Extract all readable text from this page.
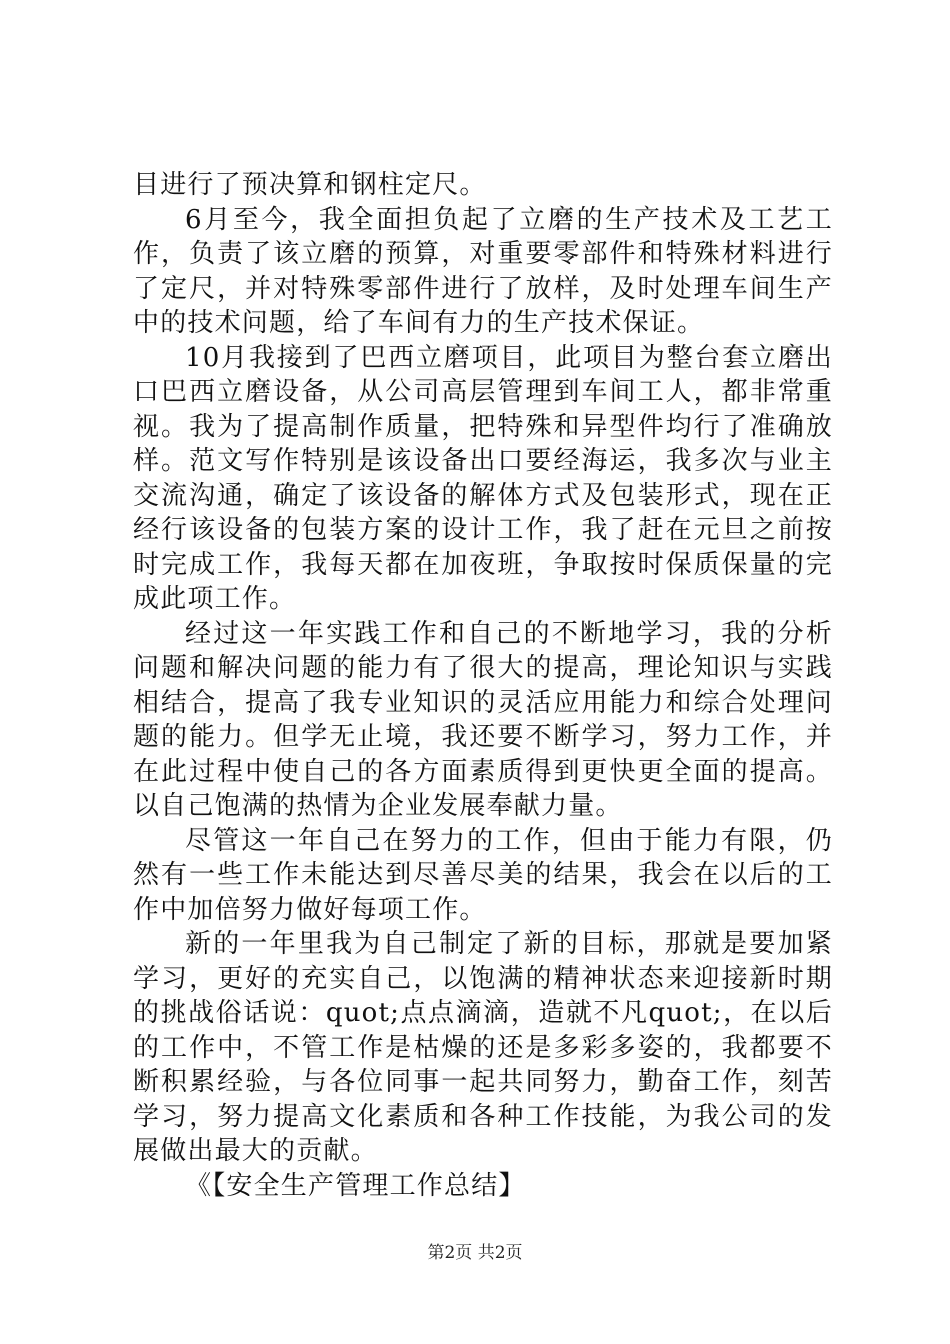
目进行了预决算和钢柱定尺。

6月至今，我全面担负起了立磨的生产技术及工艺工作，负责了该立磨的预算，对重要零部件和特殊材料进行了定尺，并对特殊零部件进行了放样，及时处理车间生产中的技术问题，给了车间有力的生产技术保证。

10月我接到了巴西立磨项目，此项目为整台套立磨出口巴西立磨设备，从公司高层管理到车间工人，都非常重视。我为了提高制作质量，把特殊和异型件均行了准确放样。范文写作特别是该设备出口要经海运，我多次与业主交流沟通，确定了该设备的解体方式及包装形式，现在正经行该设备的包装方案的设计工作，我了赶在元旦之前按时完成工作，我每天都在加夜班，争取按时保质保量的完成此项工作。

经过这一年实践工作和自己的不断地学习，我的分析问题和解决问题的能力有了很大的提高，理论知识与实践相结合，提高了我专业知识的灵活应用能力和综合处理问题的能力。但学无止境，我还要不断学习，努力工作，并在此过程中使自己的各方面素质得到更快更全面的提高。以自己饱满的热情为企业发展奉献力量。

尽管这一年自己在努力的工作，但由于能力有限，仍然有一些工作未能达到尽善尽美的结果，我会在以后的工作中加倍努力做好每项工作。

新的一年里我为自己制定了新的目标，那就是要加紧学习，更好的充实自己，以饱满的精神状态来迎接新时期的挑战俗话说：quot;点点滴滴，造就不凡quot;，在以后的工作中，不管工作是枯燥的还是多彩多姿的，我都要不断积累经验，与各位同事一起共同努力，勤奋工作，刻苦学习，努力提高文化素质和各种工作技能，为我公司的发展做出最大的贡献。

《【安全生产管理工作总结】

第2页 共2页
